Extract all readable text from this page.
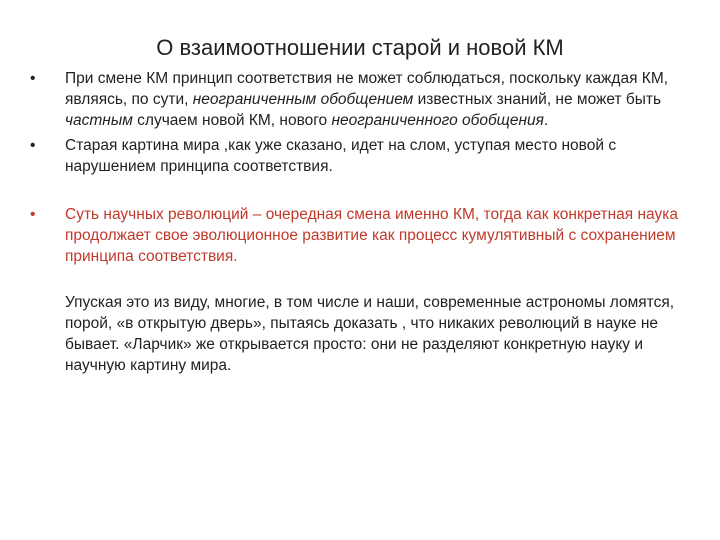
О взаимоотношении старой и новой КМ
•	При смене КМ принцип соответствия не может соблюдаться, поскольку каждая КМ, являясь, по сути, неограниченным обобщением известных знаний, не может быть частным случаем новой КМ, нового неограниченного обобщения.
•	Старая картина мира ,как уже сказано, идет на слом, уступая место новой с нарушением принципа соответствия.
•	Суть научных революций – очередная смена именно КМ, тогда как конкретная наука продолжает свое эволюционное развитие как процесс кумулятивный с сохранением принципа соответствия.
Упуская это из виду, многие, в том числе и наши, современные астрономы ломятся, порой, «в открытую дверь», пытаясь доказать , что никаких революций в науке не бывает. «Ларчик» же открывается просто: они не разделяют конкретную науку и научную картину мира.
